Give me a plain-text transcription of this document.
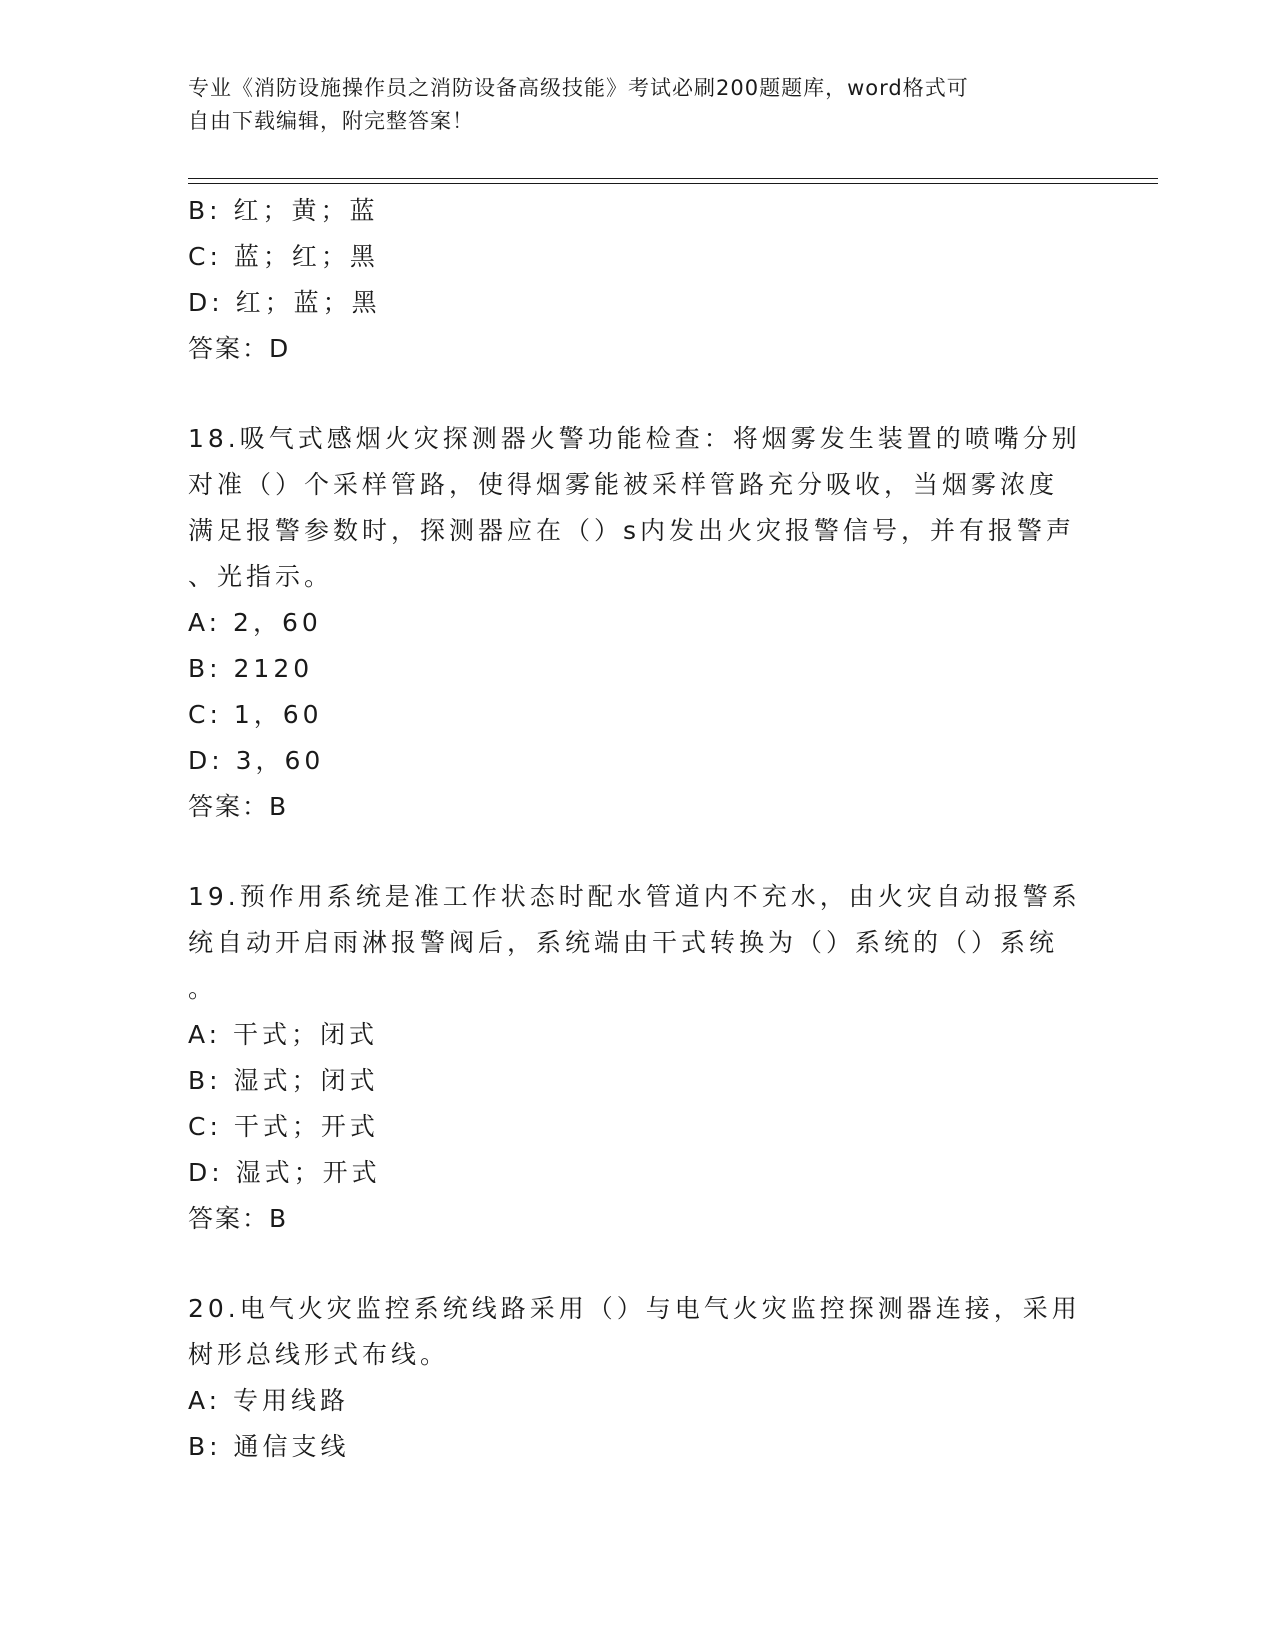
专业《消防设施操作员之消防设备高级技能》考试必刷200题题库，word格式可
自由下载编辑，附完整答案！
B: 红；黄；蓝
C: 蓝；红；黑
D: 红；蓝；黑
答案：D
18.吸气式感烟火灾探测器火警功能检查：将烟雾发生装置的喷嘴分别
对准（）个采样管路，使得烟雾能被采样管路充分吸收，当烟雾浓度
满足报警参数时，探测器应在（）s内发出火灾报警信号，并有报警声
、光指示。
A: 2，60
B: 2120
C: 1，60
D: 3，60
答案：B
19.预作用系统是准工作状态时配水管道内不充水，由火灾自动报警系
统自动开启雨淋报警阀后，系统端由干式转换为（）系统的（）系统
。
A: 干式；闭式
B: 湿式；闭式
C: 干式；开式
D: 湿式；开式
答案：B
20.电气火灾监控系统线路采用（）与电气火灾监控探测器连接，采用
树形总线形式布线。
A: 专用线路
B: 通信支线
